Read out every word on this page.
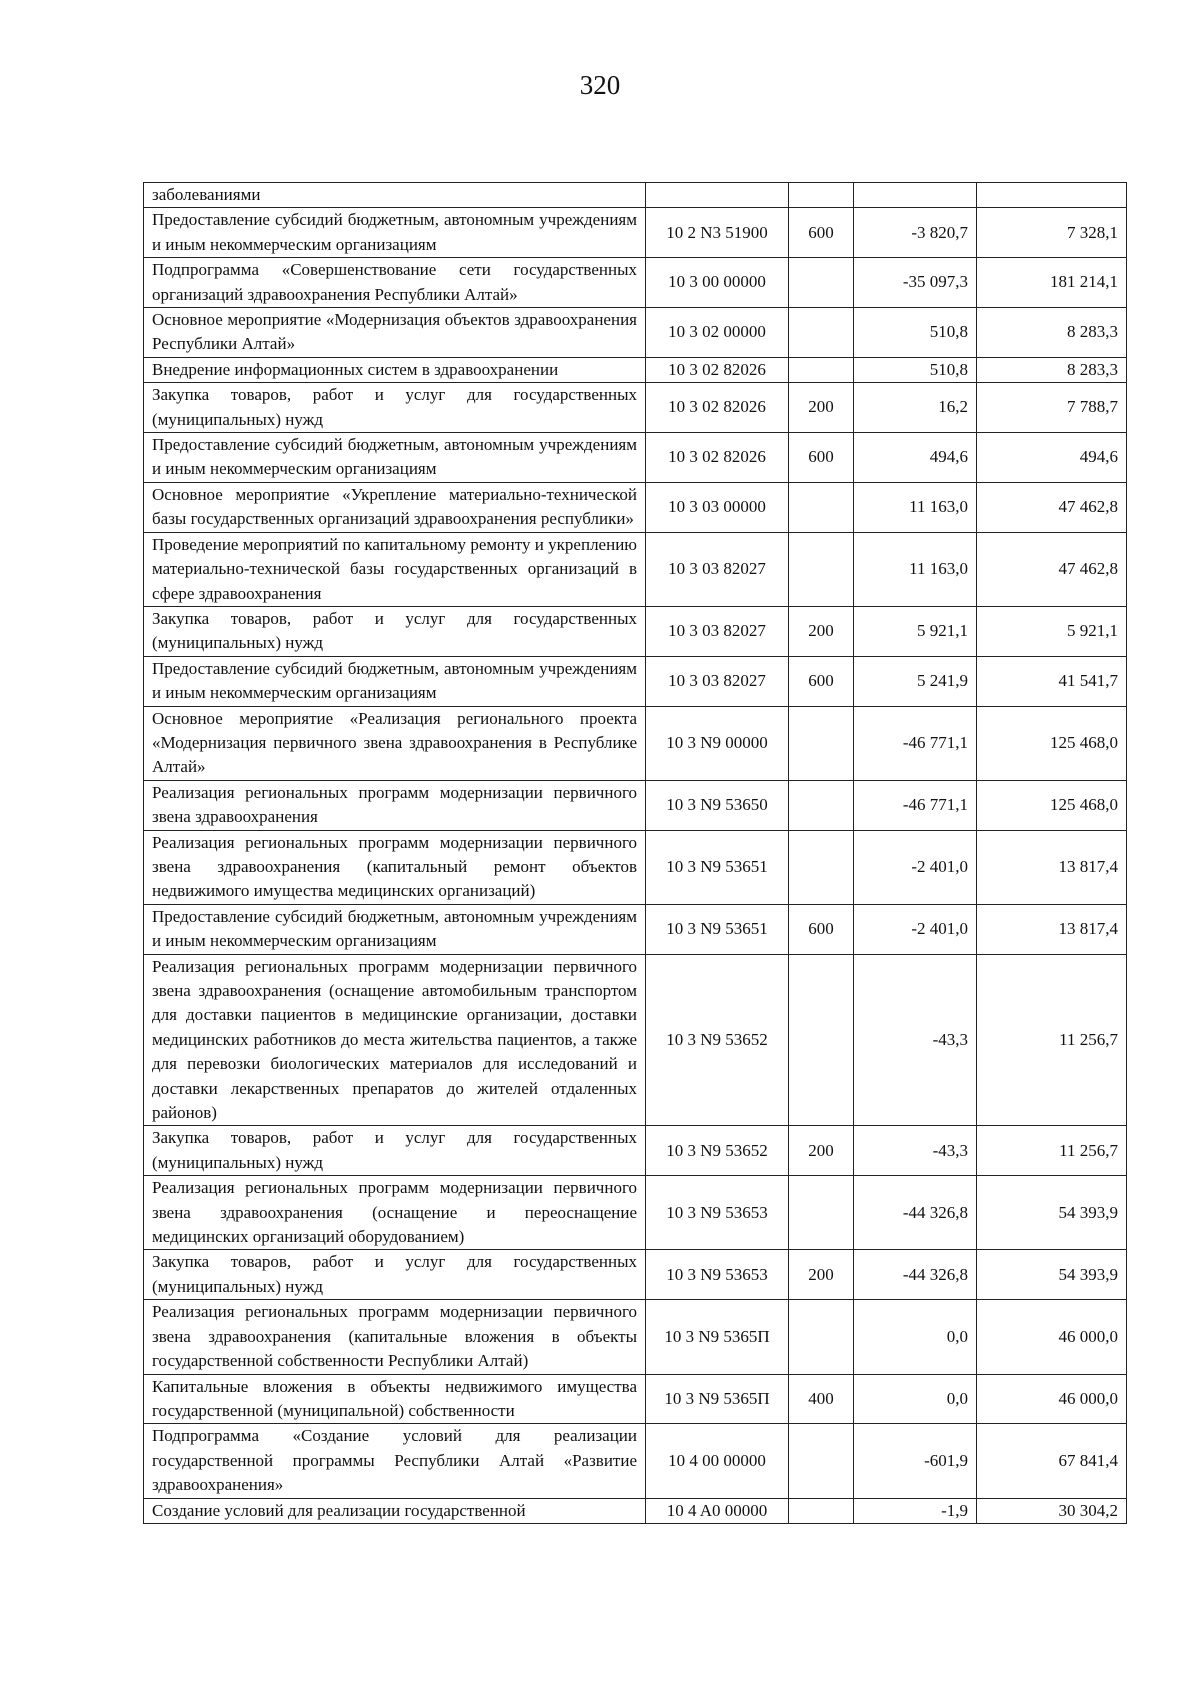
320
заболеваниями				
Предоставление субсидий бюджетным, автономным учреждениям и иным некоммерческим организациям	10 2 N3 51900	600	-3 820,7	7 328,1
Подпрограмма «Совершенствование сети государственных организаций здравоохранения Республики Алтай»	10 3 00 00000		-35 097,3	181 214,1
Основное мероприятие «Модернизация объектов здравоохранения Республики Алтай»	10 3 02 00000		510,8	8 283,3
Внедрение информационных систем в здравоохранении	10 3 02 82026		510,8	8 283,3
Закупка товаров, работ и услуг для государственных (муниципальных) нужд	10 3 02 82026	200	16,2	7 788,7
Предоставление субсидий бюджетным, автономным учреждениям и иным некоммерческим организациям	10 3 02 82026	600	494,6	494,6
Основное мероприятие «Укрепление материально-технической базы государственных организаций здравоохранения республики»	10 3 03 00000		11 163,0	47 462,8
Проведение мероприятий по капитальному ремонту и укреплению материально-технической базы государственных организаций в сфере здравоохранения	10 3 03 82027		11 163,0	47 462,8
Закупка товаров, работ и услуг для государственных (муниципальных) нужд	10 3 03 82027	200	5 921,1	5 921,1
Предоставление субсидий бюджетным, автономным учреждениям и иным некоммерческим организациям	10 3 03 82027	600	5 241,9	41 541,7
Основное мероприятие «Реализация регионального проекта «Модернизация первичного звена здравоохранения в Республике Алтай»	10 3 N9 00000		-46 771,1	125 468,0
Реализация региональных программ модернизации первичного звена здравоохранения	10 3 N9 53650		-46 771,1	125 468,0
Реализация региональных программ модернизации первичного звена здравоохранения (капитальный ремонт объектов недвижимого имущества медицинских организаций)	10 3 N9 53651		-2 401,0	13 817,4
Предоставление субсидий бюджетным, автономным учреждениям и иным некоммерческим организациям	10 3 N9 53651	600	-2 401,0	13 817,4
Реализация региональных программ модернизации первичного звена здравоохранения (оснащение автомобильным транспортом для доставки пациентов в медицинские организации, доставки медицинских работников до места жительства пациентов, а также для перевозки биологических материалов для исследований и доставки лекарственных препаратов до жителей отдаленных районов)	10 3 N9 53652		-43,3	11 256,7
Закупка товаров, работ и услуг для государственных (муниципальных) нужд	10 3 N9 53652	200	-43,3	11 256,7
Реализация региональных программ модернизации первичного звена здравоохранения (оснащение и переоснащение медицинских организаций оборудованием)	10 3 N9 53653		-44 326,8	54 393,9
Закупка товаров, работ и услуг для государственных (муниципальных) нужд	10 3 N9 53653	200	-44 326,8	54 393,9
Реализация региональных программ модернизации первичного звена здравоохранения (капитальные вложения в объекты государственной собственности Республики Алтай)	10 3 N9 5365П		0,0	46 000,0
Капитальные вложения в объекты недвижимого имущества государственной (муниципальной) собственности	10 3 N9 5365П	400	0,0	46 000,0
Подпрограмма «Создание условий для реализации государственной программы Республики Алтай «Развитие здравоохранения»	10 4 00 00000		-601,9	67 841,4
Создание условий для реализации государственной	10 4 A0 00000		-1,9	30 304,2
